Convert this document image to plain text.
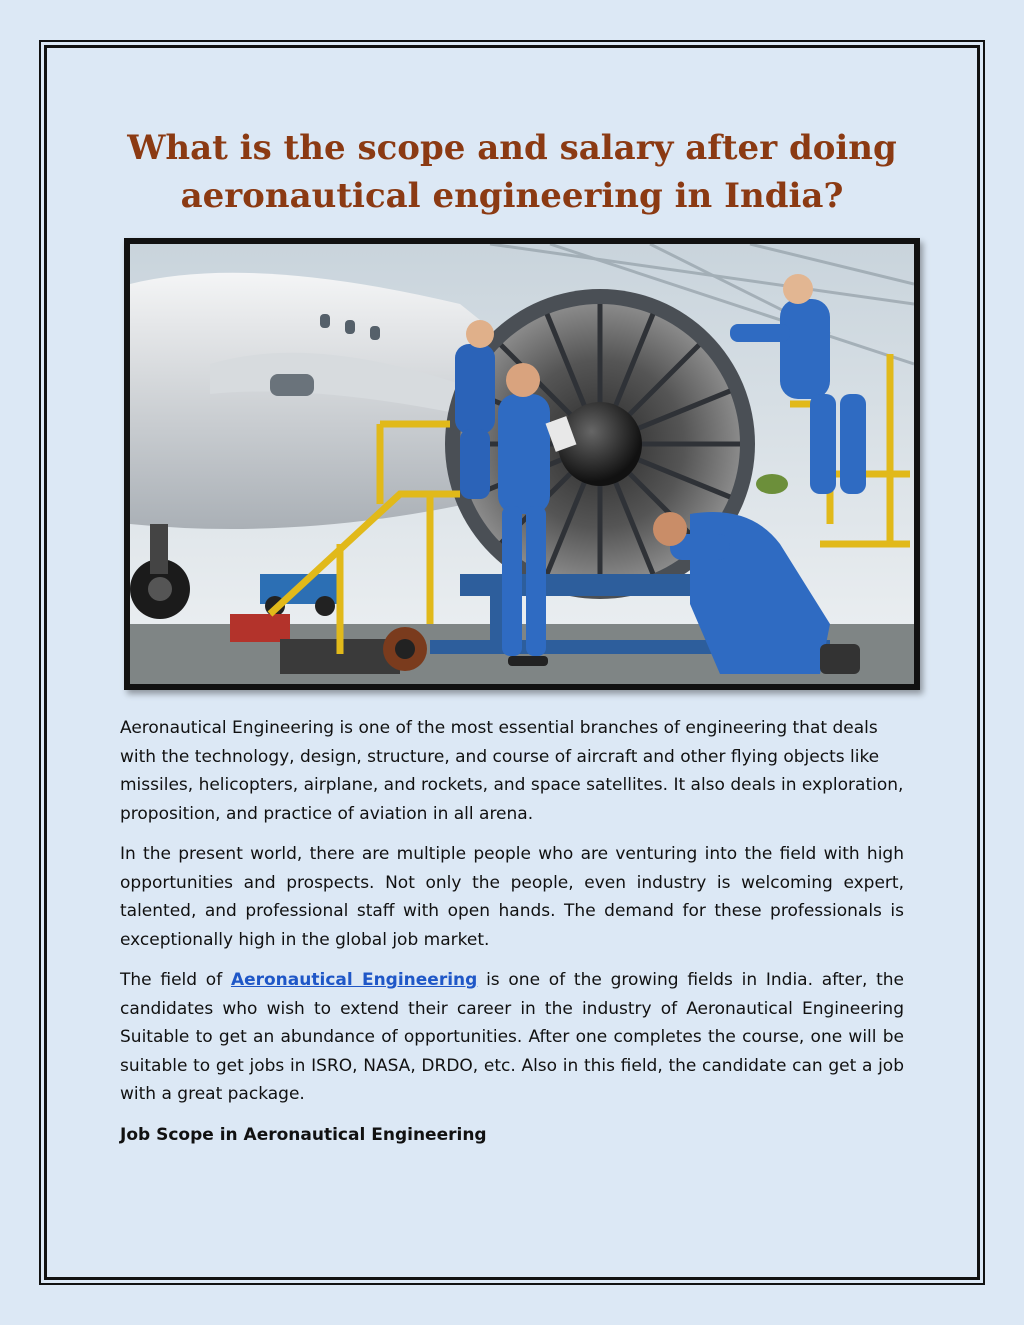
What is the scope and salary after doing aeronautical engineering in India?

Aeronautical Engineering is one of the most essential branches of engineering that deals with the technology, design, structure, and course of aircraft and other flying objects like missiles, helicopters, airplane, and rockets, and space satellites. It also deals in exploration, proposition, and practice of aviation in all arena.

In the present world, there are multiple people who are venturing into the field with high opportunities and prospects. Not only the people, even industry is welcoming expert, talented, and professional staff with open hands. The demand for these professionals is exceptionally high in the global job market.

The field of Aeronautical Engineering is one of the growing fields in India. after, the candidates who wish to extend their career in the industry of Aeronautical Engineering Suitable to get an abundance of opportunities. After one completes the course, one will be suitable to get jobs in ISRO, NASA, DRDO, etc. Also in this field, the candidate can get a job with a great package.

Job Scope in Aeronautical Engineering
